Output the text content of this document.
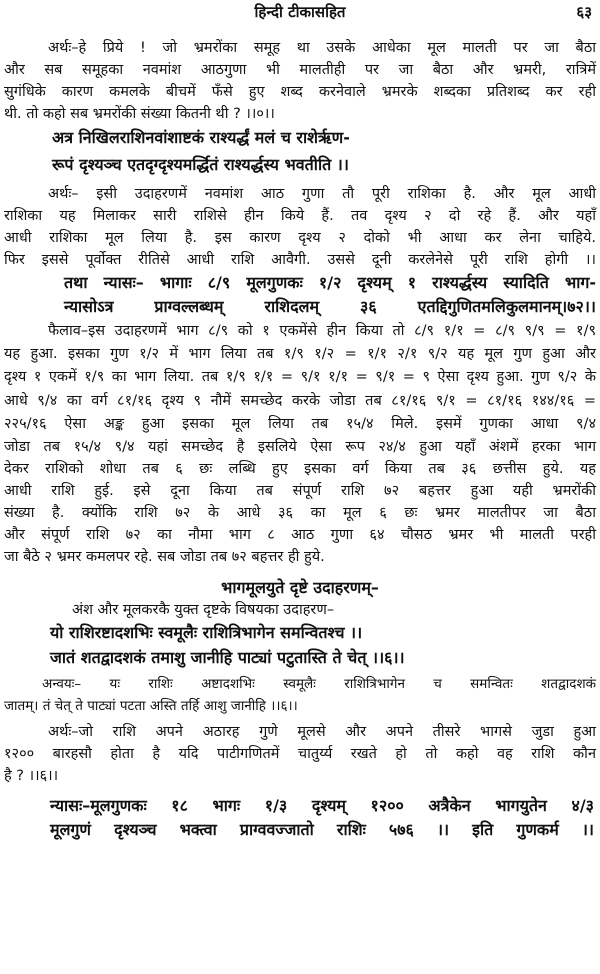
हिन्दी टीकासहित	६३
अर्थः–हे प्रिये ! जो भ्रमरोंका समूह था उसके आधेका मूल मालती पर जा बैठा
और सब समूहका नवमांश आठगुणा भी मालतीही पर जा बैठा और भ्रमरी, रात्रिमें
सुगंधिके कारण कमलके बीचमें फँसे हुए शब्द करनेवाले भ्रमरके शब्दका प्रतिशब्द कर रही
थी. तो कहो सब भ्रमरोंकी संख्या कितनी थी ? ।।०।।
अत्र निखिलराशिनवांशाष्टकं राश्यर्द्धं मलं च राशेर्ऋण-
रूपं दृश्यञ्च एतदृग्दृश्यमर्द्धितं राश्यर्द्धस्य भवतीति ।।
अर्थः– इसी उदाहरणमें नवमांश आठ गुणा तौ पूरी राशिका है. और मूल आधी
राशिका यह मिलाकर सारी राशिसे हीन किये हैं. तव दृश्य २ दो रहे हैं. और यहाँ
आधी राशिका मूल लिया है. इस कारण दृश्य २ दोको भी आधा कर लेना चाहिये.
फिर इससे पूर्वोक्त रीतिसे आधी राशि आवैगी. उससे दूनी करलेनेसे पूरी राशि होगी ।।
तथा न्यासः– भागाः ८/९ मूलगुणकः १/२ दृश्यम् १ राश्यर्द्धस्य स्यादिति भाग-
न्यासोऽत्र प्राग्वल्लब्धम् राशिदलम् ३६ एतद्दिगुणितमलिकुलमानम्।७२।।
फैलाव–इस उदाहरणमें भाग ८/९ को १ एकमेंसे हीन किया तो ८/९ १/१ = ८/९ ९/९ = १/९
यह हुआ. इसका गुण १/२ में भाग लिया तब १/९ १/२ = १/१ २/१ ९/२ यह मूल गुण हुआ और
दृश्य १ एकमें १/९ का भाग लिया. तब १/९ १/१ = ९/१ १/१ = ९/१ = ९ ऐसा दृश्य हुआ. गुण ९/२ के
आधे ९/४ का वर्ग ८१/१६ दृश्य ९ नौमें समच्छेद करके जोडा तब ८१/१६ ९/१ = ८१/१६ १४४/१६ =
२२५/१६ ऐसा अङ्क हुआ इसका मूल लिया तब १५/४ मिले. इसमें गुणका आधा ९/४
जोडा तब १५/४ ९/४ यहां समच्छेद है इसलिये ऐसा रूप २४/४ हुआ यहाँ अंशमें हरका भाग
देकर राशिको शोधा तब ६ छः लब्धि हुए इसका वर्ग किया तब ३६ छत्तीस हुये. यह
आधी राशि हुई. इसे दूना किया तब संपूर्ण राशि ७२ बहत्तर हुआ यही भ्रमरोंकी
संख्या है. क्योंकि राशि ७२ के आधे ३६ का मूल ६ छः भ्रमर मालतीपर जा बैठा
और संपूर्ण राशि ७२ का नौमा भाग ८ आठ गुणा ६४ चौसठ भ्रमर भी मालती परही
जा बैठे २ भ्रमर कमलपर रहे. सब जोडा तब ७२ बहत्तर ही हुये.
भागमूलयुते दृष्टे उदाहरणम्–
अंश और मूलकरकै युक्त दृष्टके विषयका उदाहरण–
यो राशिरष्टादशभिः स्वमूलैः राशित्रिभागेन समन्वितश्च ।।
जातं शतद्वादशकं तमाशु जानीहि पाट्यां पटुतास्ति ते चेत् ।।६।।
अन्वयः– यः राशिः अष्टादशभिः स्वमूलैः राशित्रिभागेन च समन्वितः शतद्वादशकं
जातम्। तं चेत् ते पाट्यां पटता अस्ति तर्हि आशु जानीहि ।।६।।
अर्थः–जो राशि अपने अठारह गुणे मूलसे और अपने तीसरे भागसे जुडा हुआ
१२०० बारहसौ होता है यदि पाटीगणितमें चातुर्य्य रखते हो तो कहो वह राशि कौन
है ? ।।६।।
न्यासः–मूलगुणकः १८ भागः १/३ दृश्यम् १२०० अत्रैकेन भागयुतेन ४/३
मूलगुणं दृश्यञ्च भक्त्वा प्राग्ववज्जातो राशिः ५७६ ।। इति गुणकर्म ।।
